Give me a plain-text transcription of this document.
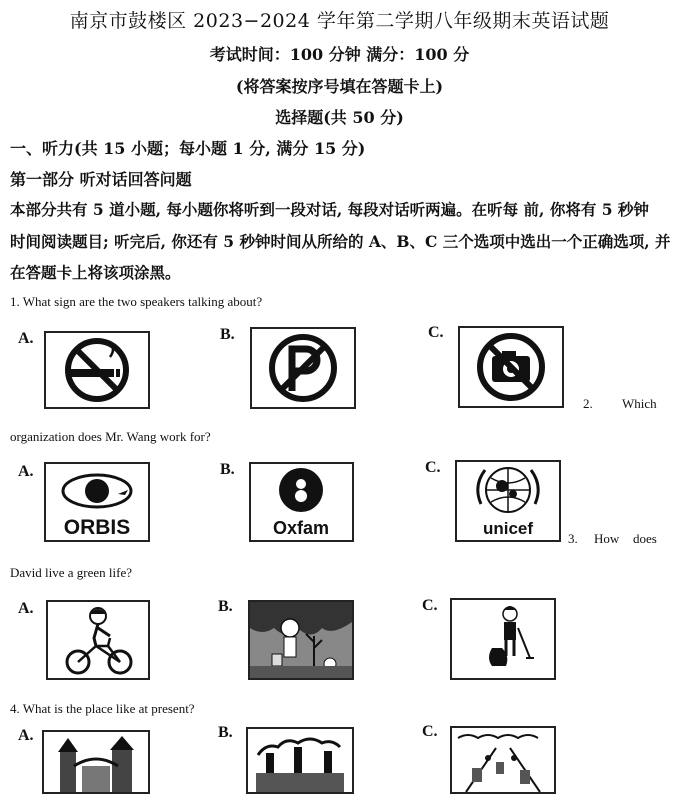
南京市鼓楼区 2023−2024 学年第二学期八年级期末英语试题
考试时间：100 分钟 满分：100 分
(将答案按序号填在答题卡上)
选择题(共 50 分)
一、听力(共 15 小题；每小题 1 分, 满分 15 分)
第一部分 听对话回答问题
本部分共有 5 道小题, 每小题你将听到一段对话, 每段对话听两遍。在听每 前, 你将有 5 秒钟
时间阅读题目; 听完后, 你还有 5 秒钟时间从所给的 A、B、C 三个选项中选出一个正确选项, 并
在答题卡上将该项涂黑。
1. What sign are the two speakers talking about?
A.	B.	C.
2. Which
organization does Mr. Wang work for?
A.	B.	C.
ORBIS	Oxfam	unicef
3. How does
David live a green life?
A.	B.	C.
4. What is the place like at present?
A.	B.	C.
